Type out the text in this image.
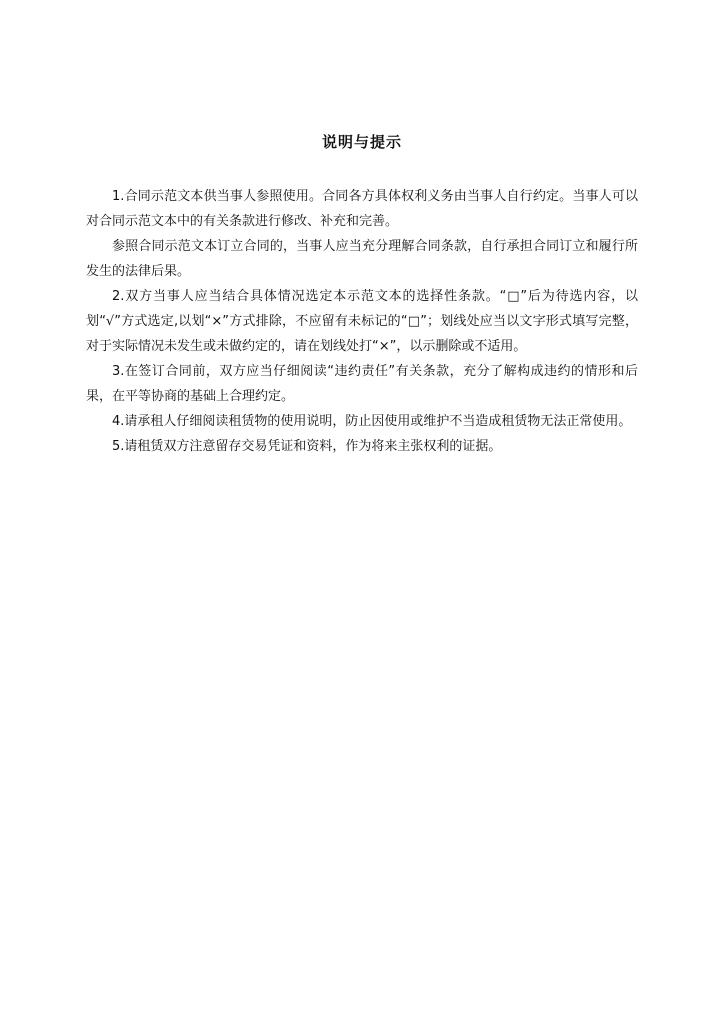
说明与提示

1.合同示范文本供当事人参照使用。合同各方具体权利义务由当事人自行约定。当事人可以对合同示范文本中的有关条款进行修改、补充和完善。

参照合同示范文本订立合同的，当事人应当充分理解合同条款，自行承担合同订立和履行所发生的法律后果。

2.双方当事人应当结合具体情况选定本示范文本的选择性条款。“□”后为待选内容，以划“√”方式选定,以划“×”方式排除，不应留有未标记的“□”；划线处应当以文字形式填写完整，对于实际情况未发生或未做约定的，请在划线处打“×”，以示删除或不适用。

3.在签订合同前，双方应当仔细阅读“违约责任”有关条款，充分了解构成违约的情形和后果，在平等协商的基础上合理约定。

4.请承租人仔细阅读租赁物的使用说明，防止因使用或维护不当造成租赁物无法正常使用。

5.请租赁双方注意留存交易凭证和资料，作为将来主张权利的证据。
